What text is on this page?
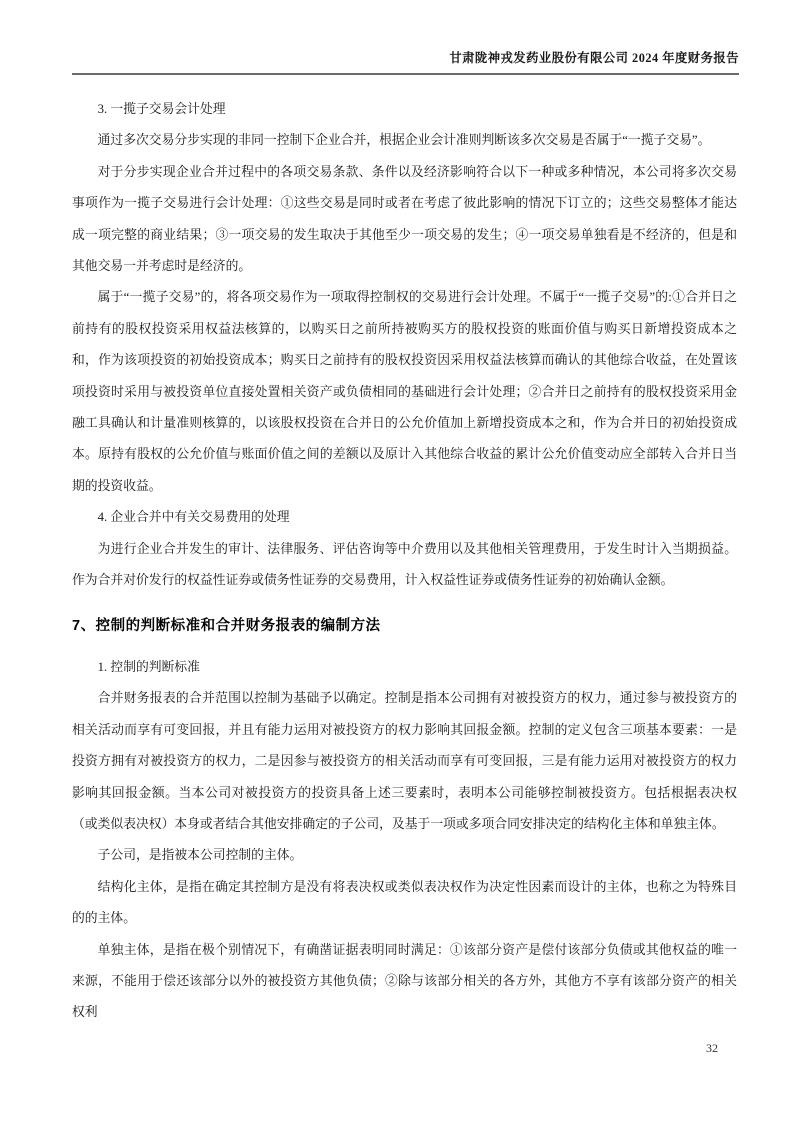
甘肃陇神戎发药业股份有限公司 2024 年度财务报告

3. 一揽子交易会计处理

通过多次交易分步实现的非同一控制下企业合并，根据企业会计准则判断该多次交易是否属于“一揽子交易”。

对于分步实现企业合并过程中的各项交易条款、条件以及经济影响符合以下一种或多种情况，本公司将多次交易事项作为一揽子交易进行会计处理：①这些交易是同时或者在考虑了彼此影响的情况下订立的；这些交易整体才能达成一项完整的商业结果；③一项交易的发生取决于其他至少一项交易的发生；④一项交易单独看是不经济的，但是和其他交易一并考虑时是经济的。

属于“一揽子交易”的，将各项交易作为一项取得控制权的交易进行会计处理。不属于“一揽子交易”的:①合并日之前持有的股权投资采用权益法核算的，以购买日之前所持被购买方的股权投资的账面价值与购买日新增投资成本之和，作为该项投资的初始投资成本；购买日之前持有的股权投资因采用权益法核算而确认的其他综合收益，在处置该项投资时采用与被投资单位直接处置相关资产或负债相同的基础进行会计处理；②合并日之前持有的股权投资采用金融工具确认和计量准则核算的，以该股权投资在合并日的公允价值加上新增投资成本之和，作为合并日的初始投资成本。原持有股权的公允价值与账面价值之间的差额以及原计入其他综合收益的累计公允价值变动应全部转入合并日当期的投资收益。

4. 企业合并中有关交易费用的处理

为进行企业合并发生的审计、法律服务、评估咨询等中介费用以及其他相关管理费用，于发生时计入当期损益。作为合并对价发行的权益性证券或债务性证券的交易费用，计入权益性证券或债务性证券的初始确认金额。

7、控制的判断标准和合并财务报表的编制方法

1. 控制的判断标准

合并财务报表的合并范围以控制为基础予以确定。控制是指本公司拥有对被投资方的权力，通过参与被投资方的相关活动而享有可变回报，并且有能力运用对被投资方的权力影响其回报金额。控制的定义包含三项基本要素：一是投资方拥有对被投资方的权力，二是因参与被投资方的相关活动而享有可变回报，三是有能力运用对被投资方的权力影响其回报金额。当本公司对被投资方的投资具备上述三要素时，表明本公司能够控制被投资方。包括根据表决权（或类似表决权）本身或者结合其他安排确定的子公司，及基于一项或多项合同安排决定的结构化主体和单独主体。

子公司，是指被本公司控制的主体。

结构化主体，是指在确定其控制方是没有将表决权或类似表决权作为决定性因素而设计的主体，也称之为特殊目的的主体。

单独主体，是指在极个别情况下，有确凿证据表明同时满足：①该部分资产是偿付该部分负债或其他权益的唯一来源，不能用于偿还该部分以外的被投资方其他负债；②除与该部分相关的各方外，其他方不享有该部分资产的相关权利

32
